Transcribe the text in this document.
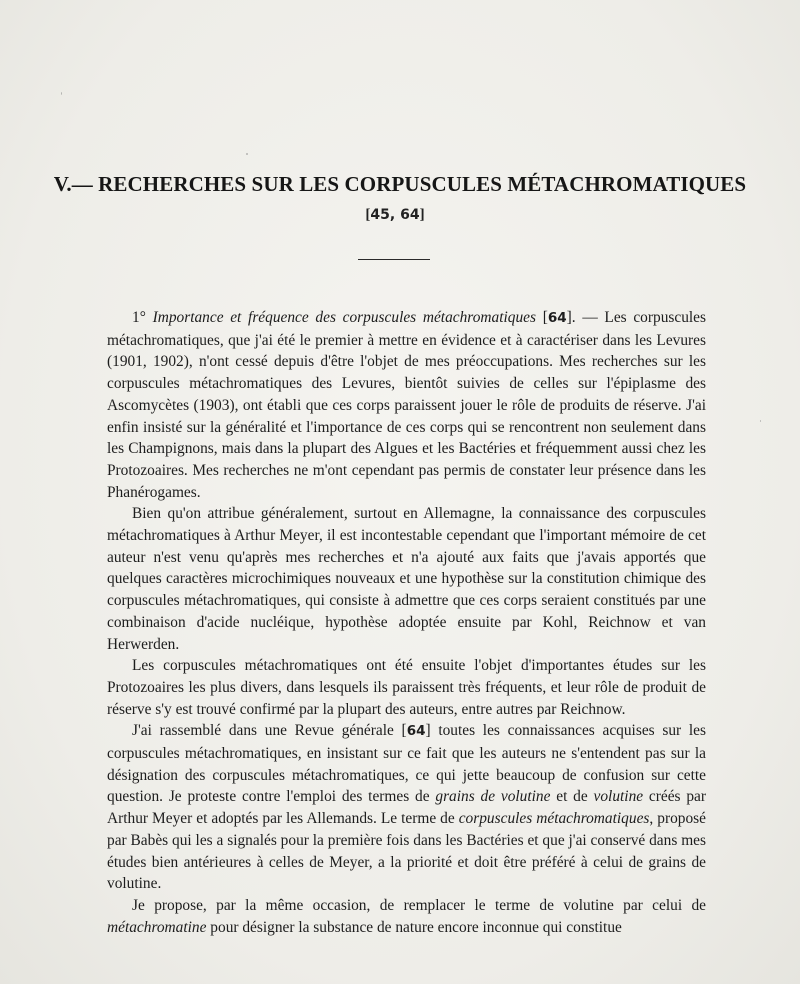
V.— RECHERCHES SUR LES CORPUSCULES MÉTACHROMATIQUES
[45, 64]

1° Importance et fréquence des corpuscules métachromatiques [64]. — Les corpuscules métachromatiques, que j'ai été le premier à mettre en évidence et à caractériser dans les Levures (1901, 1902), n'ont cessé depuis d'être l'objet de mes préoccupations. Mes recherches sur les corpuscules métachromatiques des Levures, bientôt suivies de celles sur l'épiplasme des Ascomycètes (1903), ont établi que ces corps paraissent jouer le rôle de produits de réserve. J'ai enfin insisté sur la généralité et l'importance de ces corps qui se rencontrent non seulement dans les Champignons, mais dans la plupart des Algues et les Bactéries et fréquemment aussi chez les Protozoaires. Mes recherches ne m'ont cependant pas permis de constater leur présence dans les Phanérogames.

Bien qu'on attribue généralement, surtout en Allemagne, la connaissance des corpuscules métachromatiques à Arthur Meyer, il est incontestable cependant que l'important mémoire de cet auteur n'est venu qu'après mes recherches et n'a ajouté aux faits que j'avais apportés que quelques caractères microchimiques nouveaux et une hypothèse sur la constitution chimique des corpuscules métachromatiques, qui consiste à admettre que ces corps seraient constitués par une combinaison d'acide nucléique, hypothèse adoptée ensuite par Kohl, Reichnow et van Herwerden.

Les corpuscules métachromatiques ont été ensuite l'objet d'importantes études sur les Protozoaires les plus divers, dans lesquels ils paraissent très fréquents, et leur rôle de produit de réserve s'y est trouvé confirmé par la plupart des auteurs, entre autres par Reichnow.

J'ai rassemblé dans une Revue générale [64] toutes les connaissances acquises sur les corpuscules métachromatiques, en insistant sur ce fait que les auteurs ne s'entendent pas sur la désignation des corpuscules métachromatiques, ce qui jette beaucoup de confusion sur cette question. Je proteste contre l'emploi des termes de grains de volutine et de volutine créés par Arthur Meyer et adoptés par les Allemands. Le terme de corpuscules métachromatiques, proposé par Babès qui les a signalés pour la première fois dans les Bactéries et que j'ai conservé dans mes études bien antérieures à celles de Meyer, a la priorité et doit être préféré à celui de grains de volutine.

Je propose, par la même occasion, de remplacer le terme de volutine par celui de métachromatine pour désigner la substance de nature encore inconnue qui constitue
